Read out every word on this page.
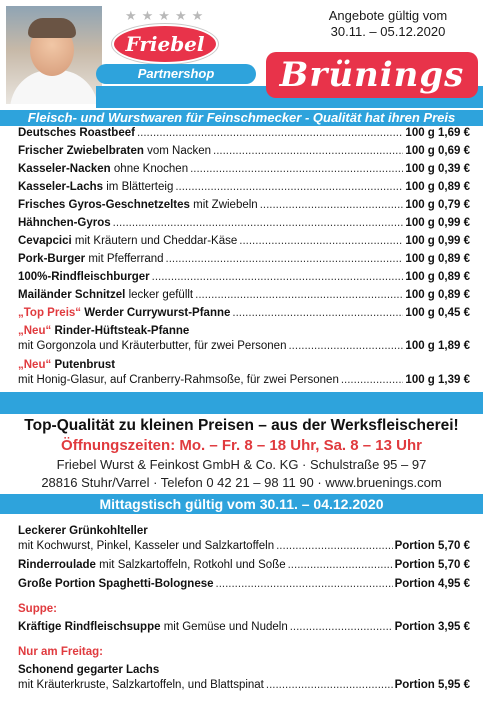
★★★★★
Friebel
Partnershop
Angebote gültig vom
30.11. – 05.12.2020
Brünings
Fleisch- und Wurstwaren für Feinschmecker - Qualität hat ihren Preis
Deutsches Roastbeef .....	100 g 1,69 €
Frischer Zwiebelbraten vom Nacken .....	100 g 0,69 €
Kasseler-Nacken ohne Knochen .....	100 g 0,39 €
Kasseler-Lachs im Blätterteig .....	100 g 0,89 €
Frisches Gyros-Geschnetzeltes mit Zwiebeln .....	100 g 0,79 €
Hähnchen-Gyros .....	100 g 0,99 €
Cevapcici mit Kräutern und Cheddar-Käse .....	100 g 0,99 €
Pork-Burger mit Pfefferrand .....	100 g 0,89 €
100%-Rindfleischburger .....	100 g 0,89 €
Mailänder Schnitzel lecker gefüllt .....	100 g 0,89 €
„Top Preis“ Werder Currywurst-Pfanne .....	100 g 0,45 €
„Neu“ Rinder-Hüftsteak-Pfanne
mit Gorgonzola und Kräuterbutter, für zwei Personen .....	100 g 1,89 €
„Neu“ Putenbrust
mit Honig-Glasur, auf Cranberry-Rahmsoße, für zwei Personen .....	100 g 1,39 €
Top-Qualität zu kleinen Preisen – aus der Werksfleischerei!
Öffnungszeiten: Mo. – Fr. 8 – 18 Uhr, Sa. 8 – 13 Uhr
Friebel Wurst & Feinkost GmbH & Co. KG · Schulstraße 95 – 97
28816 Stuhr/Varrel · Telefon 0 42 21 – 98 11 90 · www.bruenings.com
Mittagstisch gültig vom 30.11. – 04.12.2020
Leckerer Grünkohlteller
mit Kochwurst, Pinkel, Kasseler und Salzkartoffeln .....	Portion 5,70 €
Rinderroulade mit Salzkartoffeln, Rotkohl und Soße .....	Portion 5,70 €
Große Portion Spaghetti-Bolognese .....	Portion 4,95 €
Suppe:
Kräftige Rindfleischsuppe mit Gemüse und Nudeln .....	Portion 3,95 €
Nur am Freitag:
Schonend gegarter Lachs
mit Kräuterkruste, Salzkartoffeln, und Blattspinat .....	Portion 5,95 €
